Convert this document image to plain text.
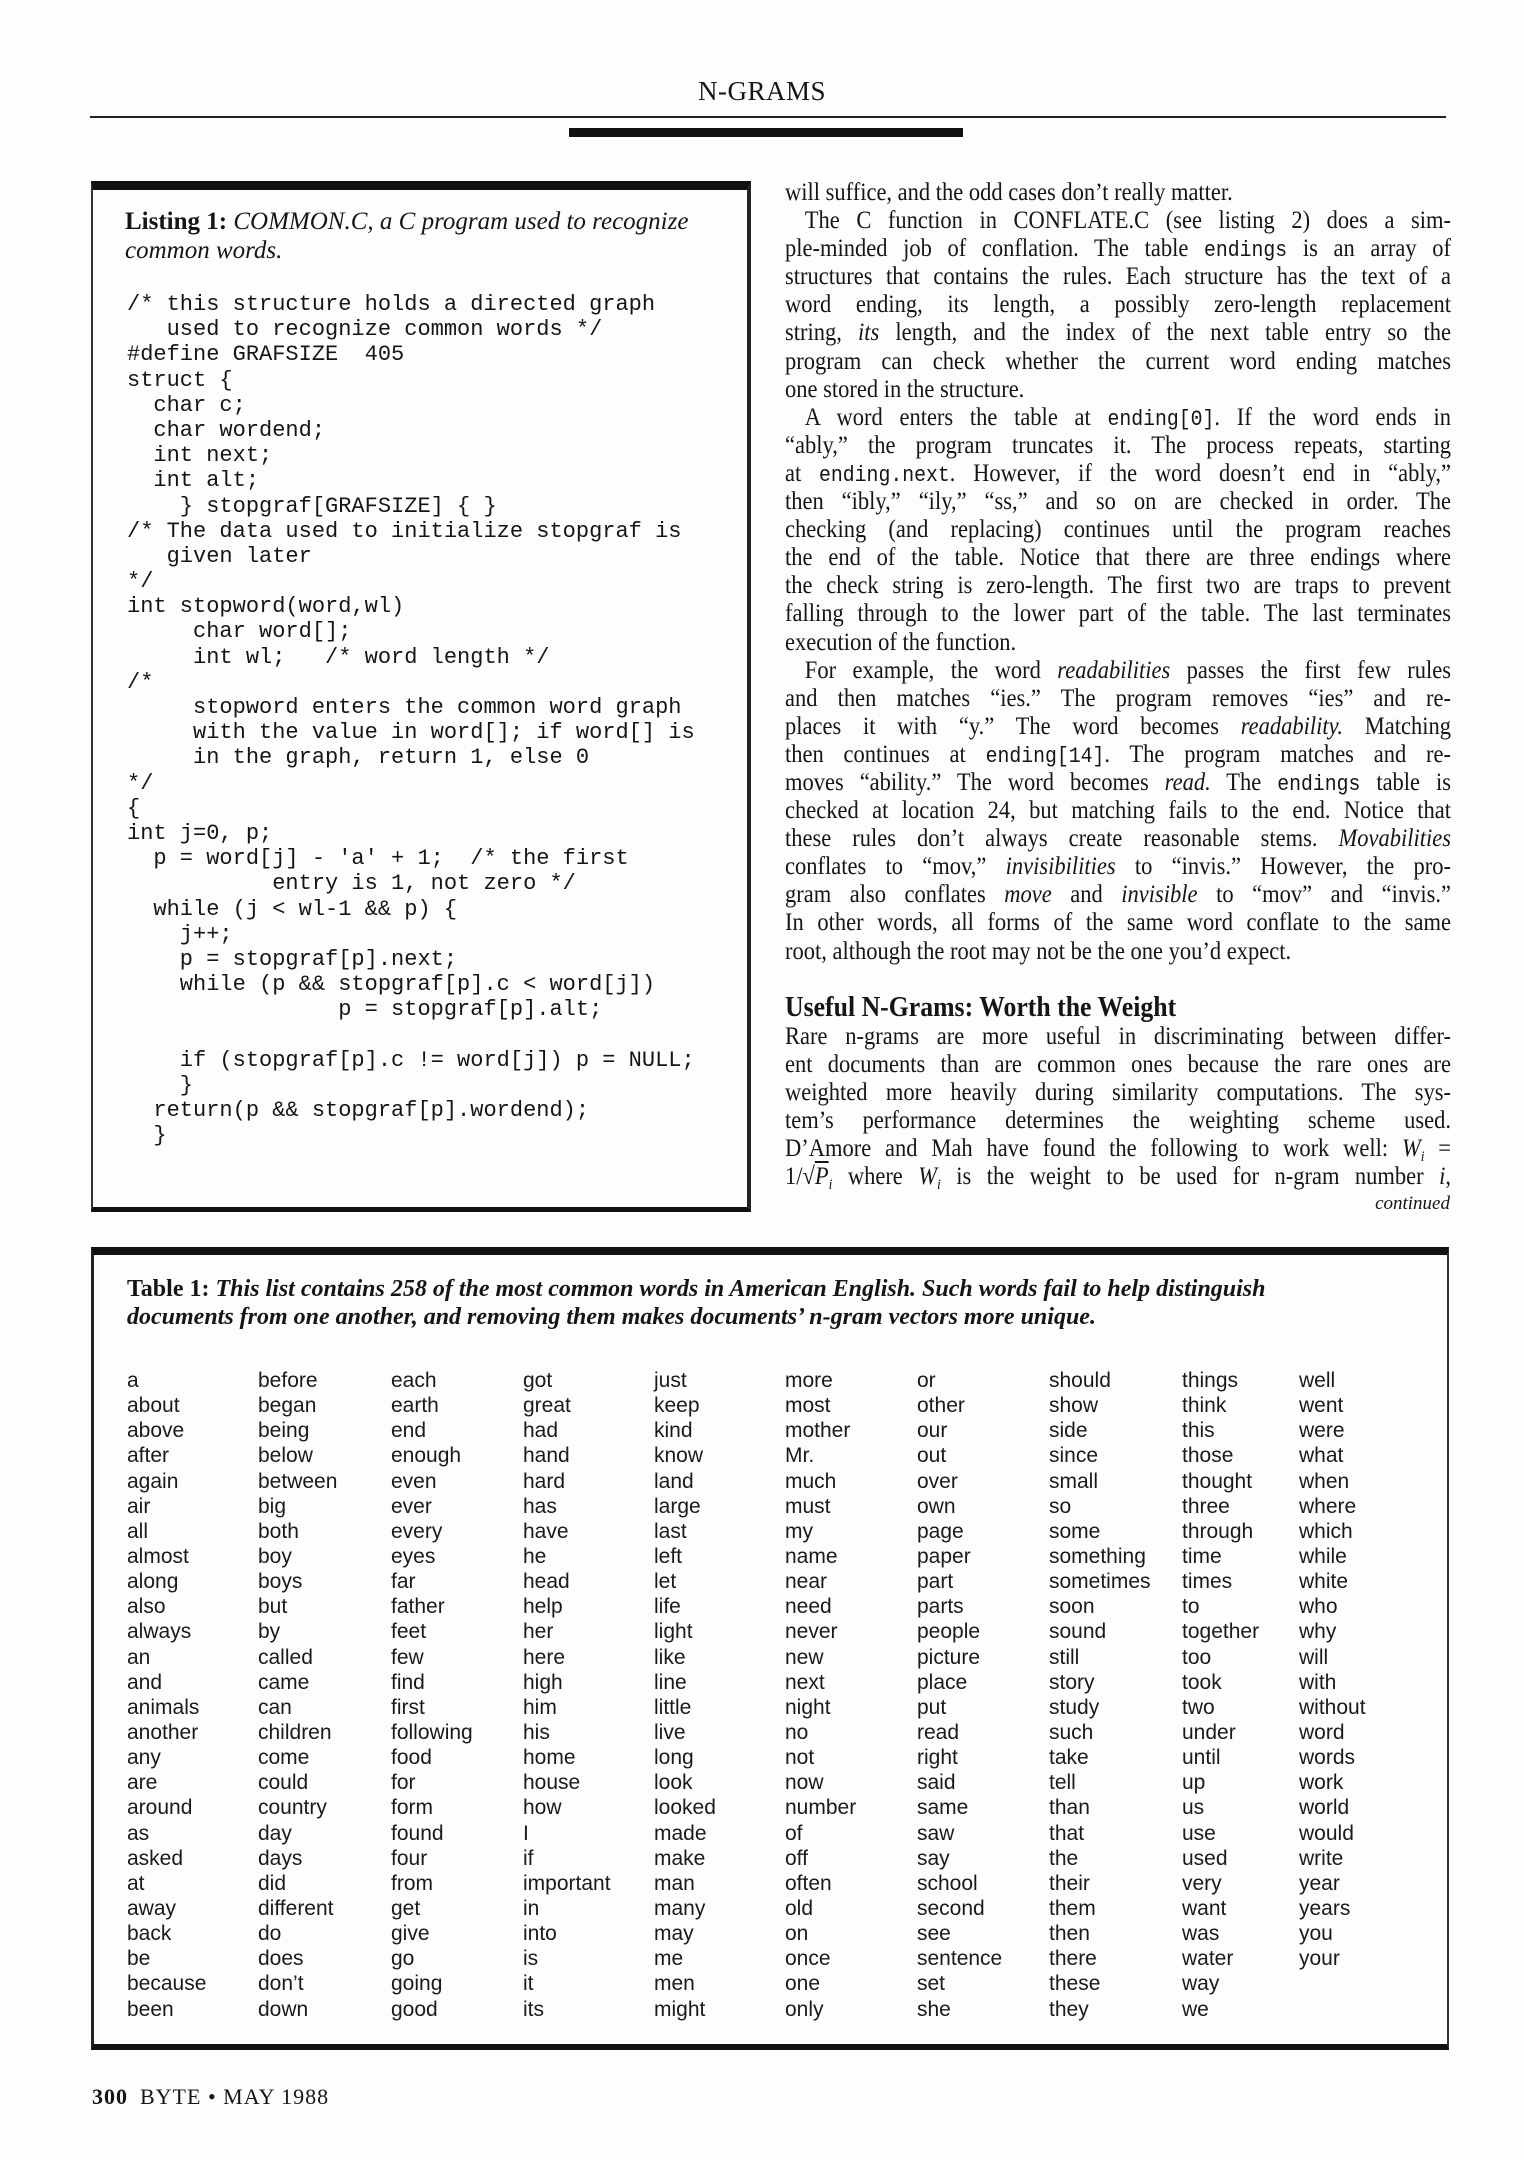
N-GRAMS
Listing 1: COMMON.C, a C program used to recognize common words.
/* this structure holds a directed graph
used to recognize common words */
#define GRAFSIZE  405
struct {
char c;
char wordend;
int next;
int alt;
} stopgraf[GRAFSIZE] { }
/* The data used to initialize stopgraf is
given later
*/
int stopword(word,wl)
char word[];
int wl;   /* word length */
/*
stopword enters the common word graph
with the value in word[]; if word[] is
in the graph, return 1, else 0
*/
{
int j=0, p;
p = word[j] - 'a' + 1;  /* the first
entry is 1, not zero */
while (j < wl-1 && p) {
j++;
p = stopgraf[p].next;
while (p && stopgraf[p].c < word[j])
p = stopgraf[p].alt;
if (stopgraf[p].c != word[j]) p = NULL;
}
return(p && stopgraf[p].wordend);
}
will suffice, and the odd cases don’t really matter.
The C function in CONFLATE.C (see listing 2) does a sim-
ple-minded job of conflation. The table endings is an array of
structures that contains the rules. Each structure has the text of a
word ending, its length, a possibly zero-length replacement
string, its length, and the index of the next table entry so the
program can check whether the current word ending matches
one stored in the structure.
A word enters the table at ending[0]. If the word ends in
“ably,” the program truncates it. The process repeats, starting
at ending.next. However, if the word doesn’t end in “ably,”
then “ibly,” “ily,” “ss,” and so on are checked in order. The
checking (and replacing) continues until the program reaches
the end of the table. Notice that there are three endings where
the check string is zero-length. The first two are traps to prevent
falling through to the lower part of the table. The last terminates
execution of the function.
For example, the word readabilities passes the first few rules
and then matches “ies.” The program removes “ies” and re-
places it with “y.” The word becomes readability. Matching
then continues at ending[14]. The program matches and re-
moves “ability.” The word becomes read. The endings table is
checked at location 24, but matching fails to the end. Notice that
these rules don’t always create reasonable stems. Movabilities
conflates to “mov,” invisibilities to “invis.” However, the pro-
gram also conflates move and invisible to “mov” and “invis.”
In other words, all forms of the same word conflate to the same
root, although the root may not be the one you’d expect.
Useful N-Grams: Worth the Weight
Rare n-grams are more useful in discriminating between differ-
ent documents than are common ones because the rare ones are
weighted more heavily during similarity computations. The sys-
tem’s performance determines the weighting scheme used.
D’Amore and Mah have found the following to work well: $W_i$ =
$1/√P_i$ where $W_i$ is the weight to be used for n-gram number i,
continued
Table 1: This list contains 258 of the most common words in American English. Such words fail to help distinguish
documents from one another, and removing them makes documents’ n-gram vectors more unique.
a
about
above
after
again
air
all
almost
along
also
always
an
and
animals
another
any
are
around
as
asked
at
away
back
be
because
been
before
began
being
below
between
big
both
boy
boys
but
by
called
came
can
children
come
could
country
day
days
did
different
do
does
don’t
down
each
earth
end
enough
even
ever
every
eyes
far
father
feet
few
find
first
following
food
for
form
found
four
from
get
give
go
going
good
got
great
had
hand
hard
has
have
he
head
help
her
here
high
him
his
home
house
how
I
if
important
in
into
is
it
its
just
keep
kind
know
land
large
last
left
let
life
light
like
line
little
live
long
look
looked
made
make
man
many
may
me
men
might
more
most
mother
Mr.
much
must
my
name
near
need
never
new
next
night
no
not
now
number
of
off
often
old
on
once
one
only
or
other
our
out
over
own
page
paper
part
parts
people
picture
place
put
read
right
said
same
saw
say
school
second
see
sentence
set
she
should
show
side
since
small
so
some
something
sometimes
soon
sound
still
story
study
such
take
tell
than
that
the
their
them
then
there
these
they
things
think
this
those
thought
three
through
time
times
to
together
too
took
two
under
until
up
us
use
used
very
want
was
water
way
we
well
went
were
what
when
where
which
while
white
who
why
will
with
without
word
words
work
world
would
write
year
years
you
your
300 BYTE • MAY 1988
